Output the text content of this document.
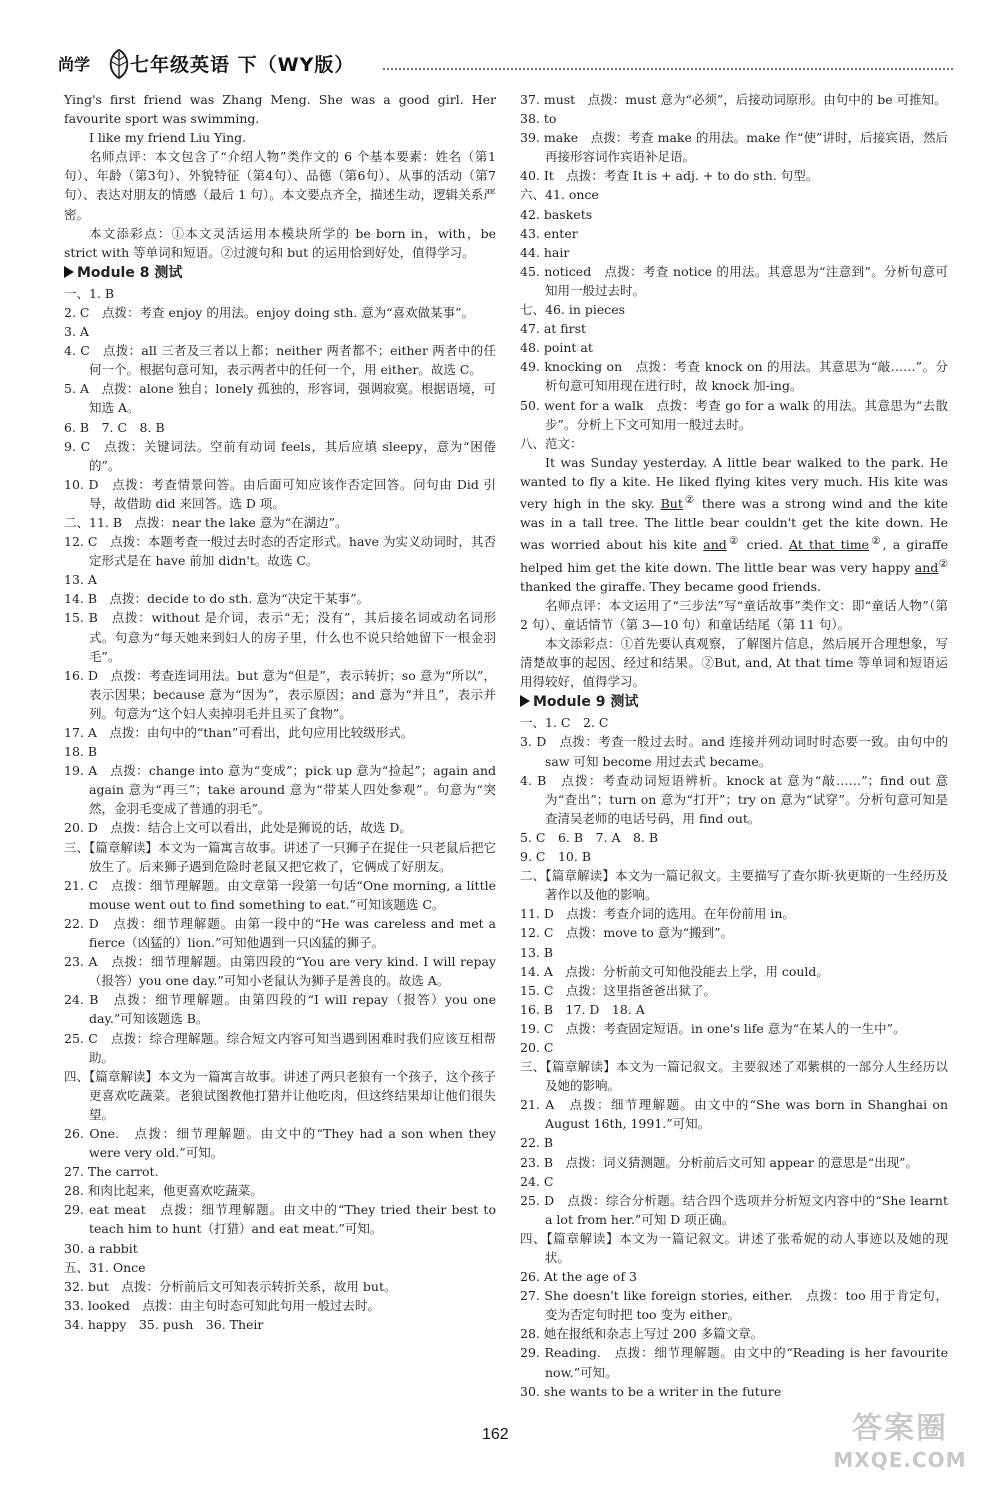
尚学 七年级英语 下（WY版）
Ying's first friend was Zhang Meng. She was a good girl. Her favourite sport was swimming.
I like my friend Liu Ying.
名师点评：本文包含了“介绍人物”类作文的 6 个基本要素：姓名（第1句）、年龄（第3句）、外貌特征（第4句）、品德（第6句）、从事的活动（第7句）、表达对朋友的情感（最后 1 句）。本文要点齐全，描述生动，逻辑关系严密。
本文添彩点：①本文灵活运用本模块所学的 be born in，with，be strict with 等单词和短语。②过渡句和 but 的运用恰到好处，值得学习。
Module 8 测试
一、1. B
2. C　点拨：考查 enjoy 的用法。enjoy doing sth. 意为“喜欢做某事”。
3. A
4. C　点拨：all 三者及三者以上都；neither 两者都不；either 两者中的任何一个。根据句意可知，表示两者中的任何一个，用 either。故选 C。
5. A　点拨：alone 独自；lonely 孤独的，形容词，强调寂寞。根据语境，可知选 A。
6. B　7. C　8. B
9. C　点拨：关键词法。空前有动词 feels，其后应填 sleepy，意为“困倦的”。
10. D　点拨：考查情景问答。由后面可知应该作否定回答。问句由 Did 引导，故借助 did 来回答。选 D 项。
二、11. B　点拨：near the lake 意为“在湖边”。
12. C　点拨：本题考查一般过去时态的否定形式。have 为实义动词时，其否定形式是在 have 前加 didn't。故选 C。
13. A
14. B　点拨：decide to do sth. 意为“决定干某事”。
15. B　点拨：without 是介词，表示“无；没有”，其后接名词或动名词形式。句意为“每天她来到妇人的房子里，什么也不说只给她留下一根金羽毛”。
16. D　点拨：考查连词用法。but 意为“但是”，表示转折；so 意为“所以”，表示因果；because 意为“因为”，表示原因；and 意为“并且”，表示并列。句意为“这个妇人卖掉羽毛并且买了食物”。
17. A　点拨：由句中的“than”可看出，此句应用比较级形式。
18. B
19. A　点拨：change into 意为“变成”；pick up 意为“捡起”；again and again 意为“再三”；take around 意为“带某人四处参观”。句意为“突然，金羽毛变成了普通的羽毛”。
20. D　点拨：结合上文可以看出，此处是狮说的话，故选 D。
三、【篇章解读】本文为一篇寓言故事。讲述了一只狮子在捉住一只老鼠后把它放生了。后来狮子遇到危险时老鼠又把它救了，它俩成了好朋友。
21. C　点拨：细节理解题。由文章第一段第一句话“One morning, a little mouse went out to find something to eat.”可知该题选 C。
22. D　点拨：细节理解题。由第一段中的“He was careless and met a fierce（凶猛的）lion.”可知他遇到一只凶猛的狮子。
23. A　点拨：细节理解题。由第四段的“You are very kind. I will repay（报答）you one day.”可知小老鼠认为狮子是善良的。故选 A。
24. B　点拨：细节理解题。由第四段的“I will repay（报答）you one day.”可知该题选 B。
25. C　点拨：综合理解题。综合短文内容可知当遇到困难时我们应该互相帮助。
四、【篇章解读】本文为一篇寓言故事。讲述了两只老狼有一个孩子，这个孩子更喜欢吃蔬菜。老狼试图教他打猎并让他吃肉，但这终结果却让他们很失望。
26. One.　点拨：细节理解题。由文中的“They had a son when they were very old.”可知。
27. The carrot.
28. 和肉比起来，他更喜欢吃蔬菜。
29. eat meat　点拨：细节理解题。由文中的“They tried their best to teach him to hunt（打猎）and eat meat.”可知。
30. a rabbit
五、31. Once
32. but　点拨：分析前后文可知表示转折关系，故用 but。
33. looked　点拨：由主句时态可知此句用一般过去时。
34. happy　35. push　36. Their
37. must　点拨：must 意为“必须”，后接动词原形。由句中的 be 可推知。
38. to
39. make　点拨：考查 make 的用法。make 作“使”讲时，后接宾语，然后再接形容词作宾语补足语。
40. It　点拨：考查 It is + adj. + to do sth. 句型。
六、41. once
42. baskets
43. enter
44. hair
45. noticed　点拨：考查 notice 的用法。其意思为“注意到”。分析句意可知用一般过去时。
七、46. in pieces
47. at first
48. point at
49. knocking on　点拨：考查 knock on 的用法。其意思为“敲……”。分析句意可知用现在进行时，故 knock 加-ing。
50. went for a walk　点拨：考查 go for a walk 的用法。其意思为“去散步”。分析上下文可知用一般过去时。
八、范文：
It was Sunday yesterday. A little bear walked to the park. He wanted to fly a kite. He liked flying kites very much. His kite was very high in the sky. But② there was a strong wind and the kite was in a tall tree. The little bear couldn't get the kite down. He was worried about his kite and② cried. At that time②, a giraffe helped him get the kite down. The little bear was very happy and② thanked the giraffe. They became good friends.
名师点评：本文运用了“三步法”写“童话故事”类作文：即“童话人物”（第 2 句）、童话情节（第 3—10 句）和童话结尾（第 11 句）。
本文添彩点：①首先要认真观察，了解图片信息，然后展开合理想象，写清楚故事的起因、经过和结果。②But, and, At that time 等单词和短语运用得较好，值得学习。
Module 9 测试
一、1. C　2. C
3. D　点拨：考查一般过去时。and 连接并列动词时时态要一致。由句中的 saw 可知 become 用过去式 became。
4. B　点拨：考查动词短语辨析。knock at 意为“敲……”；find out 意为“查出”；turn on 意为“打开”；try on 意为“试穿”。分析句意可知是查清吴老师的电话号码，用 find out。
5. C　6. B　7. A　8. B
9. C　10. B
二、【篇章解读】本文为一篇记叙文。主要描写了查尔斯·狄更斯的一生经历及著作以及他的影响。
11. D　点拨：考查介词的选用。在年份前用 in。
12. C　点拨：move to 意为“搬到”。
13. B
14. A　点拨：分析前文可知他没能去上学，用 could。
15. C　点拨：这里指爸爸出狱了。
16. B　17. D　18. A
19. C　点拨：考查固定短语。in one's life 意为“在某人的一生中”。
20. C
三、【篇章解读】本文为一篇记叙文。主要叙述了邓紫棋的一部分人生经历以及她的影响。
21. A　点拨：细节理解题。由文中的“She was born in Shanghai on August 16th, 1991.”可知。
22. B
23. B　点拨：词义猜测题。分析前后文可知 appear 的意思是“出现”。
24. C
25. D　点拨：综合分析题。结合四个选项并分析短文内容中的“She learnt a lot from her.”可知 D 项正确。
四、【篇章解读】本文为一篇记叙文。讲述了张希妮的动人事迹以及她的现状。
26. At the age of 3
27. She doesn't like foreign stories, either.　点拨：too 用于肯定句，变为否定句时把 too 变为 either。
28. 她在报纸和杂志上写过 200 多篇文章。
29. Reading.　点拨：细节理解题。由文中的“Reading is her favourite now.”可知。
30. she wants to be a writer in the future
162	答案圈
MXQE.COM
